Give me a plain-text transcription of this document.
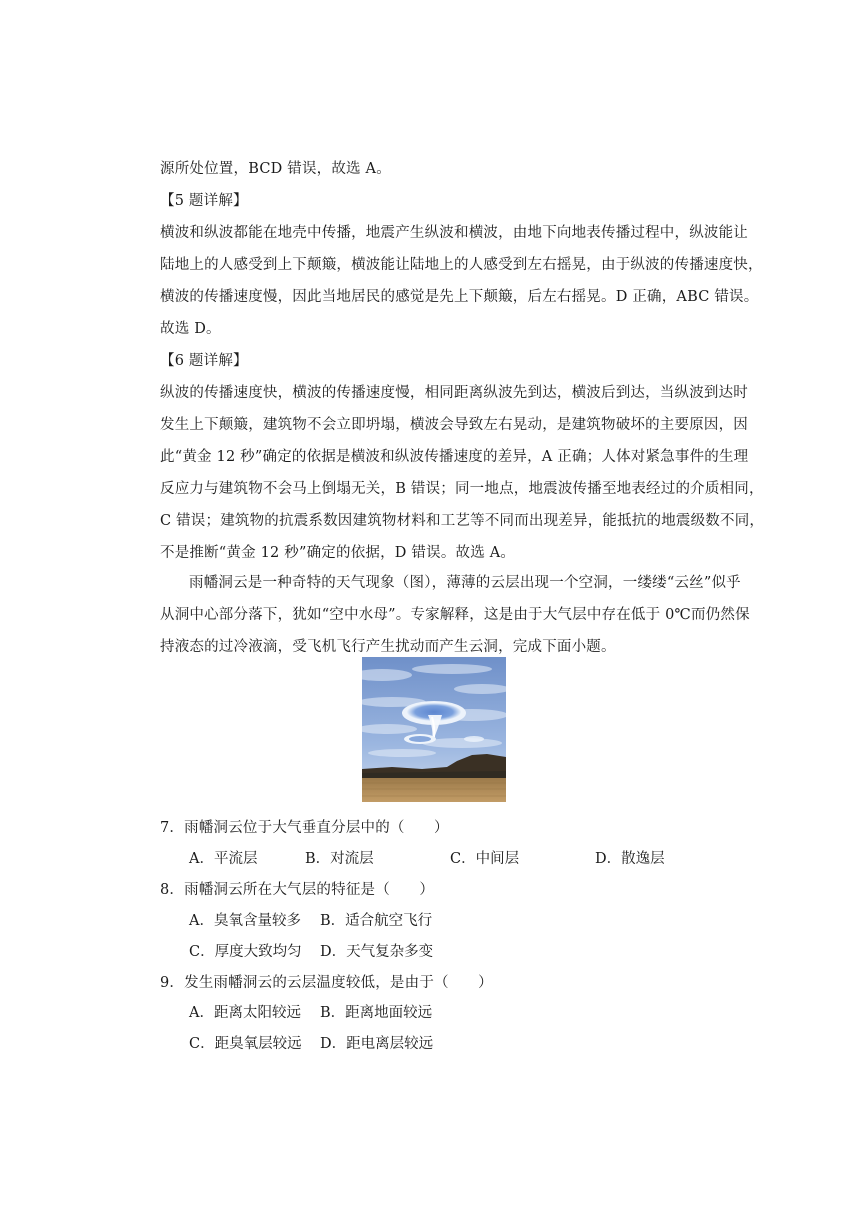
源所处位置，BCD 错误，故选 A。
【5 题详解】
横波和纵波都能在地壳中传播，地震产生纵波和横波，由地下向地表传播过程中，纵波能让
陆地上的人感受到上下颠簸，横波能让陆地上的人感受到左右摇晃，由于纵波的传播速度快，
横波的传播速度慢，因此当地居民的感觉是先上下颠簸，后左右摇晃。D 正确，ABC 错误。
故选 D。
【6 题详解】
纵波的传播速度快，横波的传播速度慢，相同距离纵波先到达，横波后到达，当纵波到达时
发生上下颠簸，建筑物不会立即坍塌，横波会导致左右晃动，是建筑物破坏的主要原因，因
此“黄金 12 秒”确定的依据是横波和纵波传播速度的差异，A 正确；人体对紧急事件的生理
反应力与建筑物不会马上倒塌无关，B 错误；同一地点，地震波传播至地表经过的介质相同，
C 错误；建筑物的抗震系数因建筑物材料和工艺等不同而出现差异，能抵抗的地震级数不同，
不是推断“黄金 12 秒”确定的依据，D 错误。故选 A。
雨幡洞云是一种奇特的天气现象（图），薄薄的云层出现一个空洞，一缕缕“云丝”似乎
从洞中心部分落下，犹如“空中水母”。专家解释，这是由于大气层中存在低于 0℃而仍然保
持液态的过冷液滴，受飞机飞行产生扰动而产生云洞，完成下面小题。
7．雨幡洞云位于大气垂直分层中的（　　）
A．平流层	B．对流层	C．中间层	D．散逸层
8．雨幡洞云所在大气层的特征是（　　）
A．臭氧含量较多 B．适合航空飞行
C．厚度大致均匀 D．天气复杂多变
9．发生雨幡洞云的云层温度较低，是由于（　　）
A．距离太阳较远 B．距离地面较远
C．距臭氧层较远 D．距电离层较远
